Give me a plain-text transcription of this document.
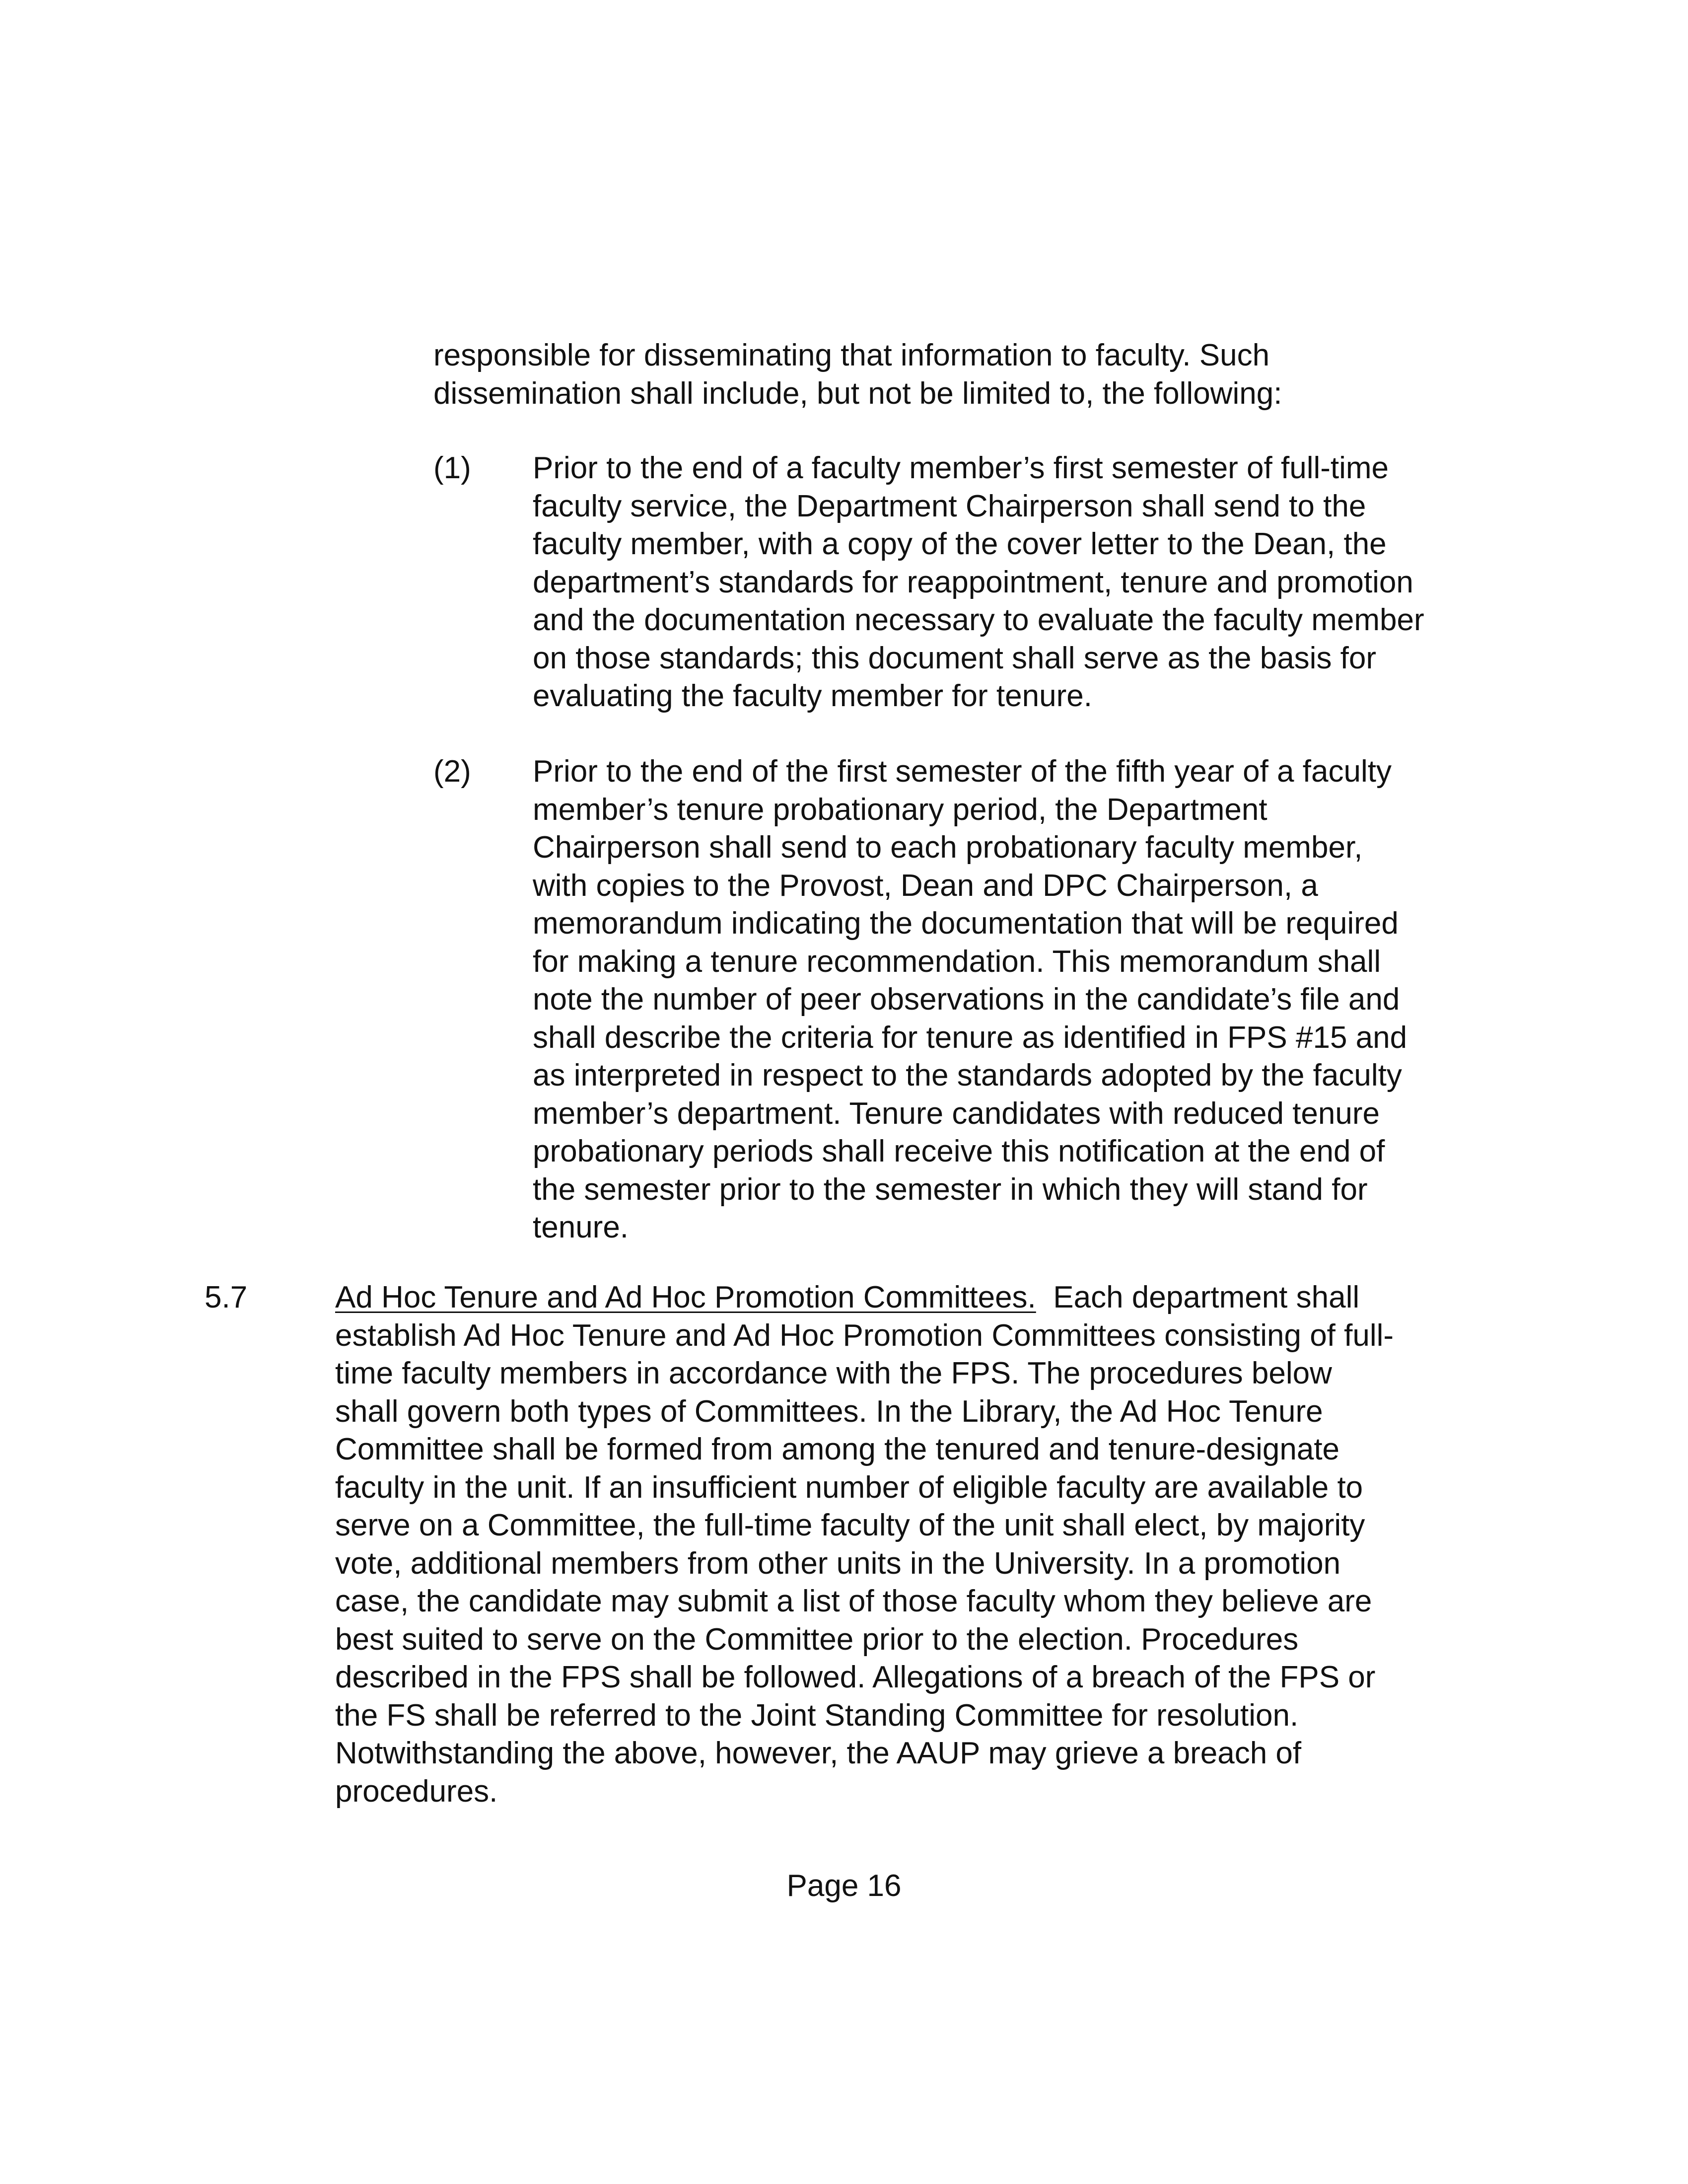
responsible for disseminating that information to faculty. Such
dissemination shall include, but not be limited to, the following:
(1) Prior to the end of a faculty member’s first semester of full-time
faculty service, the Department Chairperson shall send to the
faculty member, with a copy of the cover letter to the Dean, the
department’s standards for reappointment, tenure and promotion
and the documentation necessary to evaluate the faculty member
on those standards; this document shall serve as the basis for
evaluating the faculty member for tenure.
(2) Prior to the end of the first semester of the fifth year of a faculty
member’s tenure probationary period, the Department
Chairperson shall send to each probationary faculty member,
with copies to the Provost, Dean and DPC Chairperson, a
memorandum indicating the documentation that will be required
for making a tenure recommendation. This memorandum shall
note the number of peer observations in the candidate’s file and
shall describe the criteria for tenure as identified in FPS #15 and
as interpreted in respect to the standards adopted by the faculty
member’s department. Tenure candidates with reduced tenure
probationary periods shall receive this notification at the end of
the semester prior to the semester in which they will stand for
tenure.
5.7	Ad Hoc Tenure and Ad Hoc Promotion Committees.  Each department shall
establish Ad Hoc Tenure and Ad Hoc Promotion Committees consisting of full-
time faculty members in accordance with the FPS. The procedures below
shall govern both types of Committees. In the Library, the Ad Hoc Tenure
Committee shall be formed from among the tenured and tenure-designate
faculty in the unit. If an insufficient number of eligible faculty are available to
serve on a Committee, the full-time faculty of the unit shall elect, by majority
vote, additional members from other units in the University. In a promotion
case, the candidate may submit a list of those faculty whom they believe are
best suited to serve on the Committee prior to the election. Procedures
described in the FPS shall be followed. Allegations of a breach of the FPS or
the FS shall be referred to the Joint Standing Committee for resolution.
Notwithstanding the above, however, the AAUP may grieve a breach of
procedures.
Page 16
